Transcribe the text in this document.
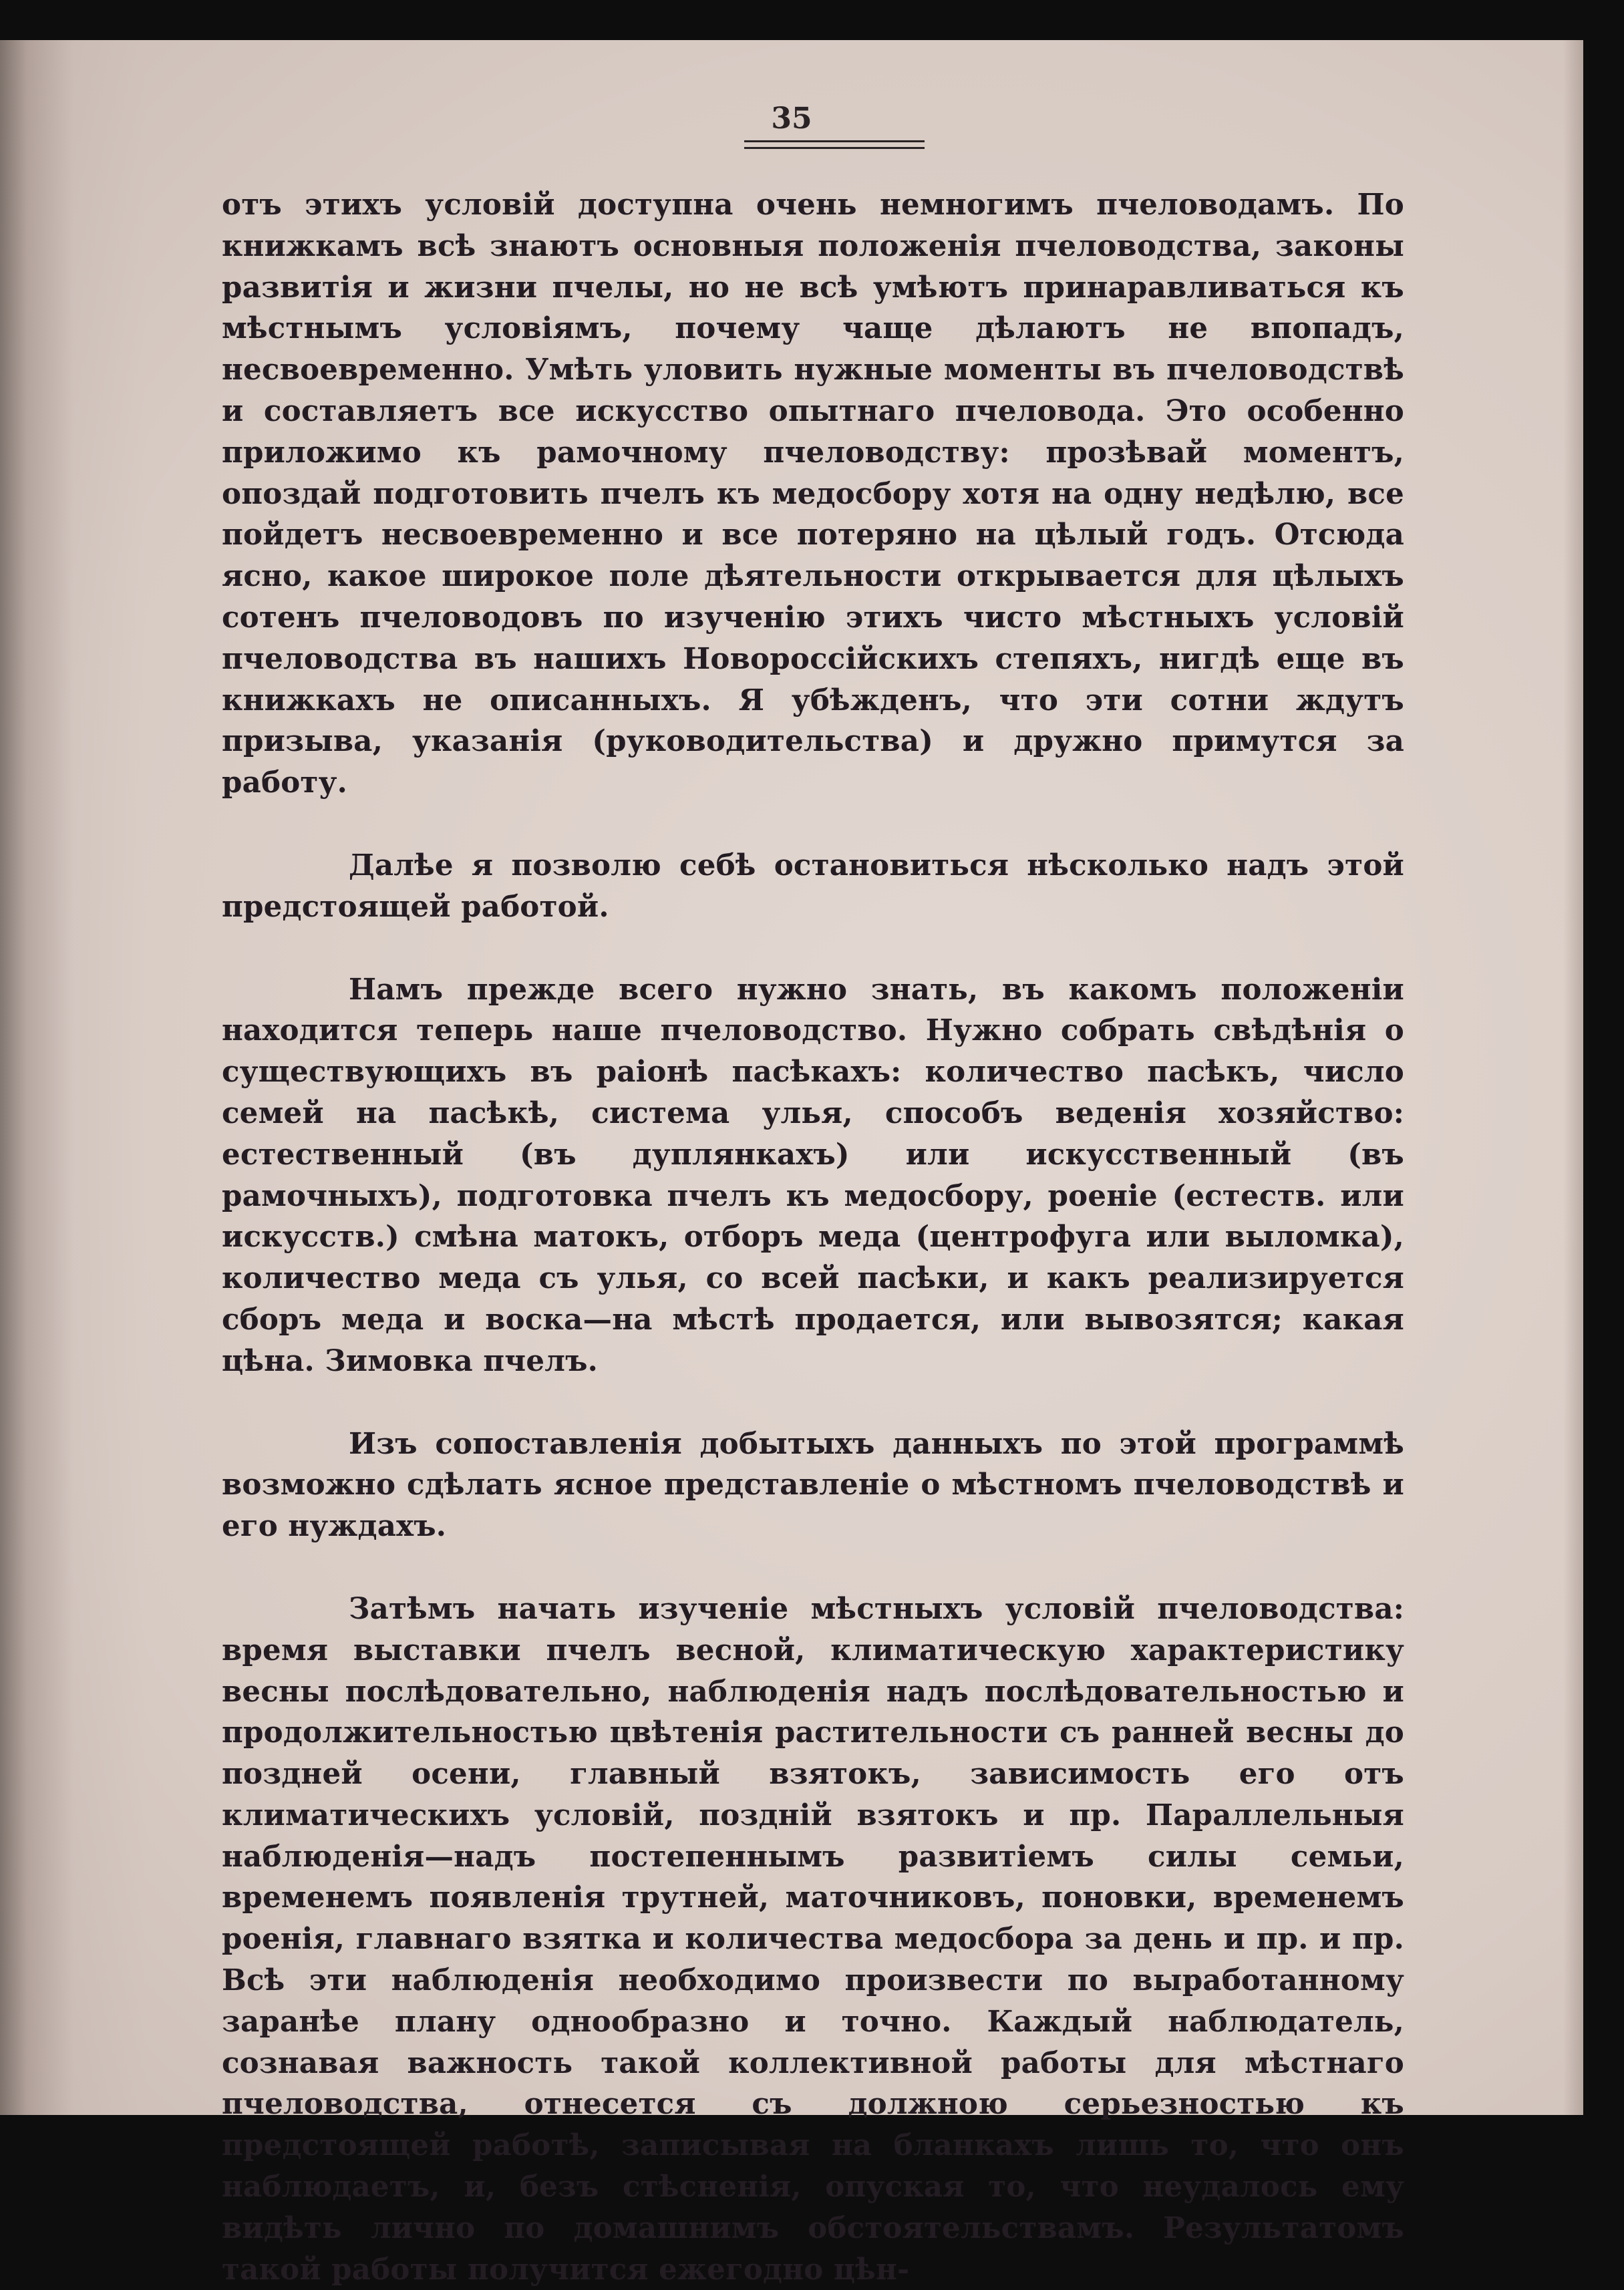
35

отъ этихъ условій доступна очень немногимъ пчеловодамъ. По книжкамъ всѣ знаютъ основныя положенія пчеловодства, законы развитія и жизни пчелы, но не всѣ умѣютъ принаравливаться къ мѣстнымъ условіямъ, почему чаще дѣлаютъ не впопадъ, несвоевременно. Умѣть уловить нужные моменты въ пчеловодствѣ и составляетъ все искусство опытнаго пчеловода. Это особенно приложимо къ рамочному пчеловодству: прозѣвай моментъ, опоздай подготовить пчелъ къ медосбору хотя на одну недѣлю, все пойдетъ несвоевременно и все потеряно на цѣлый годъ. Отсюда ясно, какое широкое поле дѣятельности открывается для цѣлыхъ сотенъ пчеловодовъ по изученію этихъ чисто мѣстныхъ условій пчеловодства въ нашихъ Новороссійскихъ степяхъ, нигдѣ еще въ книжкахъ не описанныхъ. Я убѣжденъ, что эти сотни ждутъ призыва, указанія (руководительства) и дружно примутся за работу.

Далѣе я позволю себѣ остановиться нѣсколько надъ этой предстоящей работой.

Намъ прежде всего нужно знать, въ какомъ положеніи находится теперь наше пчеловодство. Нужно собрать свѣдѣнія о существующихъ въ раіонѣ пасѣкахъ: количество пасѣкъ, число семей на пасѣкѣ, система улья, способъ веденія хозяйство: естественный (въ дуплянкахъ) или искусственный (въ рамочныхъ), подготовка пчелъ къ медосбору, роеніе (естеств. или искусств.) смѣна матокъ, отборъ меда (центрофуга или выломка), количество меда съ улья, со всей пасѣки, и какъ реализируется сборъ меда и воска—на мѣстѣ продается, или вывозятся; какая цѣна. Зимовка пчелъ.

Изъ сопоставленія добытыхъ данныхъ по этой программѣ возможно сдѣлать ясное представленіе о мѣстномъ пчеловодствѣ и его нуждахъ.

Затѣмъ начать изученіе мѣстныхъ условій пчеловодства: время выставки пчелъ весной, климатическую характеристику весны послѣдовательно, наблюденія надъ послѣдовательностью и продолжительностью цвѣтенія растительности съ ранней весны до поздней осени, главный взятокъ, зависимость его отъ климатическихъ условій, поздній взятокъ и пр. Параллельныя наблюденія—надъ постепеннымъ развитіемъ силы семьи, временемъ появленія трутней, маточниковъ, поновки, временемъ роенія, главнаго взятка и количества медосбора за день и пр. и пр. Всѣ эти наблюденія необходимо произвести по выработанному заранѣе плану однообразно и точно. Каждый наблюдатель, сознавая важность такой коллективной работы для мѣстнаго пчеловодства, отнесется съ должною серьезностью къ предстоящей работѣ, записывая на бланкахъ лишь то, что онъ наблюдаетъ, и, безъ стѣсненія, опуская то, что неудалось ему видѣть лично по домашнимъ обстоятельствамъ. Результатомъ такой работы получится ежегодно цѣн-
